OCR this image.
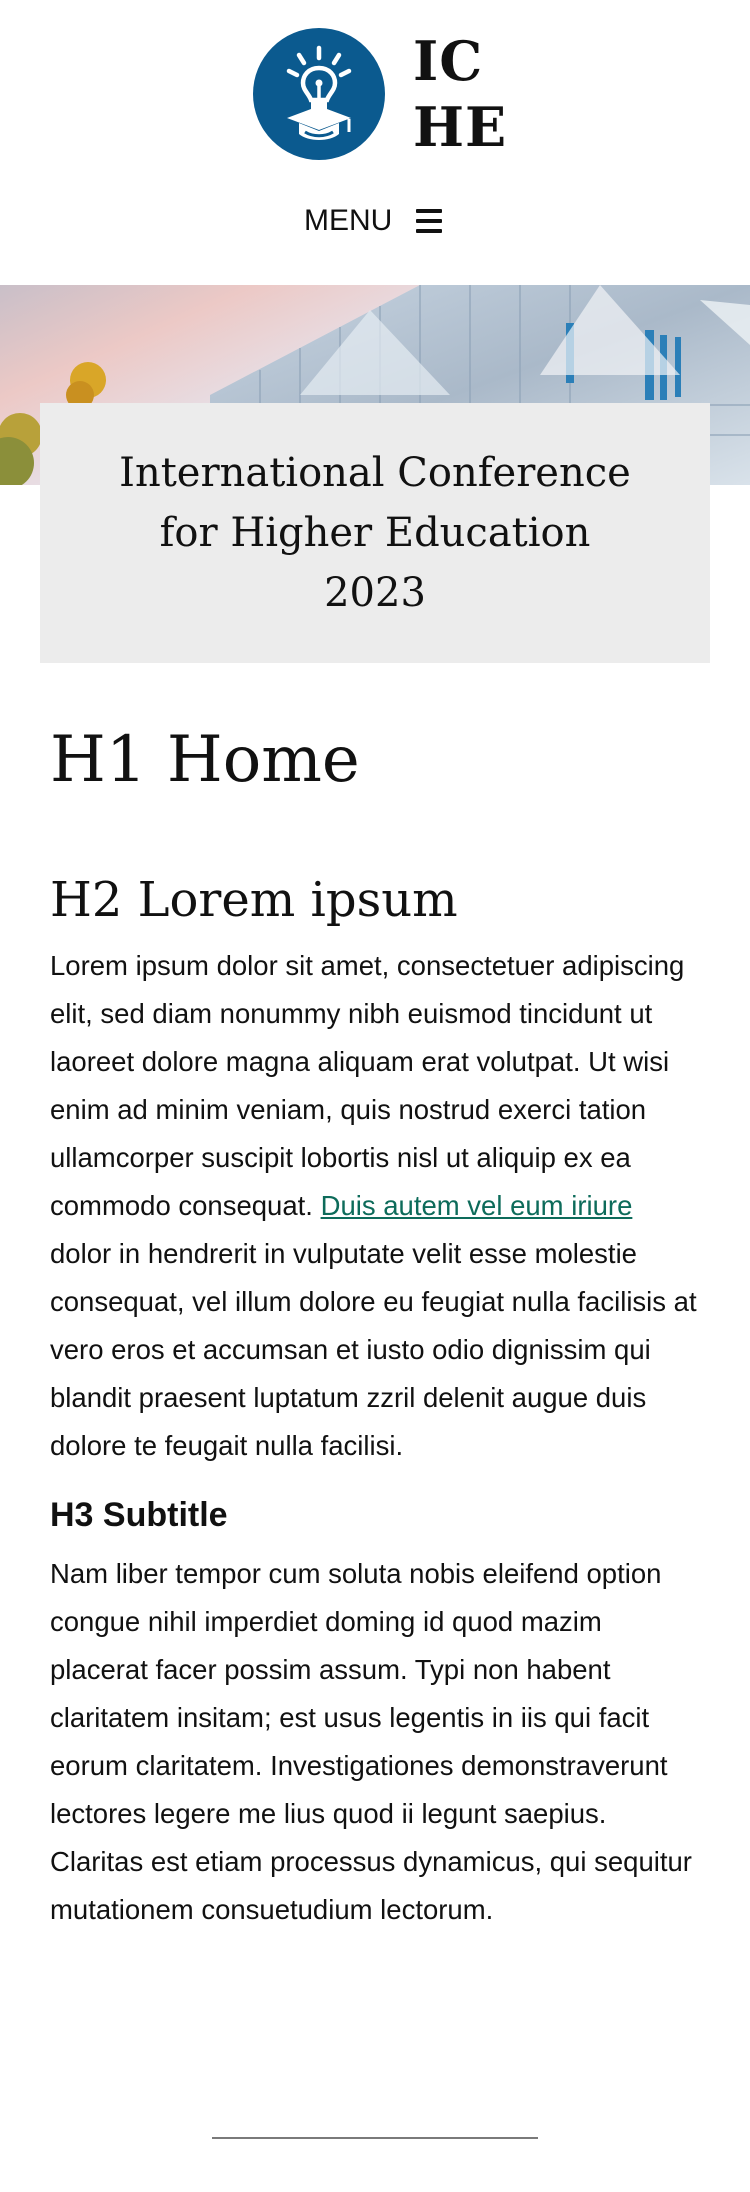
IC
HE
MENU
International Conference for Higher Education 2023
H1 Home
H2 Lorem ipsum

Lorem ipsum dolor sit amet, consectetuer adipiscing elit, sed diam nonummy nibh euismod tincidunt ut laoreet dolore magna aliquam erat volutpat. Ut wisi enim ad minim veniam, quis nostrud exerci tation ullamcorper suscipit lobortis nisl ut aliquip ex ea commodo consequat. Duis autem vel eum iriure dolor in hendrerit in vulputate velit esse molestie consequat, vel illum dolore eu feugiat nulla facilisis at vero eros et accumsan et iusto odio dignissim qui blandit praesent luptatum zzril delenit augue duis dolore te feugait nulla facilisi.

H3 Subtitle

Nam liber tempor cum soluta nobis eleifend option congue nihil imperdiet doming id quod mazim placerat facer possim assum. Typi non habent claritatem insitam; est usus legentis in iis qui facit eorum claritatem. Investigationes demonstraverunt lectores legere me lius quod ii legunt saepius. Claritas est etiam processus dynamicus, qui sequitur mutationem consuetudium lectorum.
